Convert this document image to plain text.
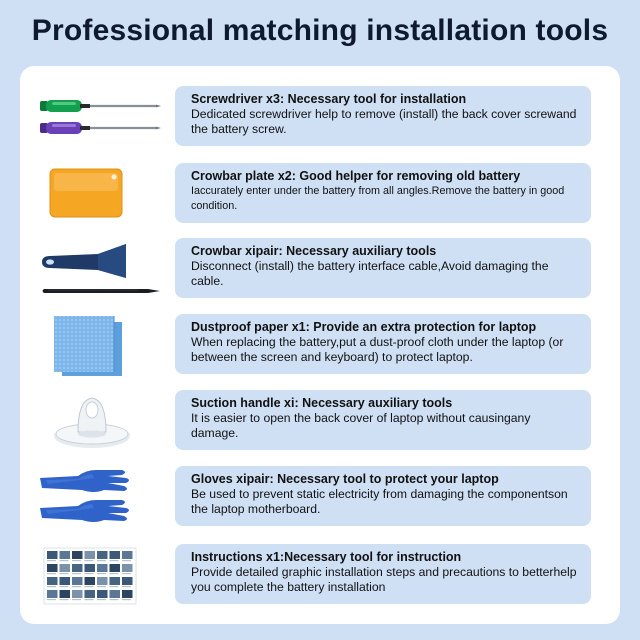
Professional matching installation tools
Screwdriver x3: Necessary tool for installation
Dedicated screwdriver help to remove (install) the back cover screwand the battery screw.
Crowbar plate x2: Good helper for removing old battery
Iaccurately enter under the battery from all angles.Remove the battery in good condition.
Crowbar xipair: Necessary auxiliary tools
Disconnect (install) the battery interface cable,Avoid damaging the cable.
Dustproof paper x1: Provide an extra protection for laptop
When replacing the battery,put a dust-proof cloth under the laptop (or between the screen and keyboard) to protect laptop.
Suction handle xi: Necessary auxiliary tools
It is easier to open the back cover of laptop without causingany damage.
Gloves xipair: Necessary tool to protect your laptop
Be used to prevent static electricity from damaging the componentson the laptop motherboard.
Instructions x1:Necessary tool for instruction
Provide detailed graphic installation steps and precautions to betterhelp you complete the battery installation
